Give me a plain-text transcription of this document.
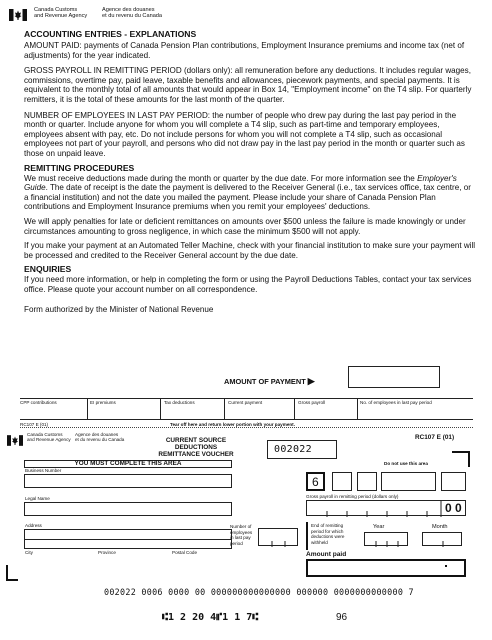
Canada Customs
and Revenue Agency
Agence des douanes
et du revenu du Canada
ACCOUNTING ENTRIES - EXPLANATIONS
AMOUNT PAID: payments of Canada Pension Plan contributions, Employment Insurance premiums and income tax (net of adjustments) for the year indicated.
GROSS PAYROLL IN REMITTING PERIOD (dollars only): all remuneration before any deductions. It includes regular wages, commissions, overtime pay, paid leave, taxable benefits and allowances, piecework payments, and special payments. It is equivalent to the monthly total of all amounts that would appear in Box 14, "Employment income" on the T4 slip. For quarterly remitters, it is the total of these amounts for the last month of the quarter.
NUMBER OF EMPLOYEES IN LAST PAY PERIOD: the number of people who drew pay during the last pay period in the month or quarter. Include anyone for whom you will complete a T4 slip, such as part-time and temporary employees, employees absent with pay, etc. Do not include persons for whom you will not complete a T4 slip, such as occasional employees not part of your payroll, and persons who did not draw pay in the last pay period in the month or quarter such as those on unpaid leave.
REMITTING PROCEDURES
We must receive deductions made during the month or quarter by the due date. For more information see the Employer's Guide. The date of receipt is the date the payment is delivered to the Receiver General (i.e., tax services office, tax centre, or a financial institution) and not the date you mailed the payment. Please include your share of Canada Pension Plan contributions and Employment Insurance premiums when you remit your employees' deductions.
We will apply penalties for late or deficient remittances on amounts over $500 unless the failure is made knowingly or under circumstances amounting to gross negligence, in which case the minimum $500 will not apply.
If you make your payment at an Automated Teller Machine, check with your financial institution to make sure your payment will be processed and credited to the Receiver General account by the due date.
ENQUIRIES
If you need more information, or help in completing the form or using the Payroll Deductions Tables, contact your tax services office. Please quote your account number on all correspondence.
Form authorized by the Minister of National Revenue
AMOUNT OF PAYMENT ▶
CPP contributions	EI premiums	Tax deductions	Current payment	Gross payroll	No. of employees in last pay period
RC107 E (01)	Tear off here and return lower portion with your payment.
Canada Customs
and Revenue Agency
Agence des douanes
et du revenu du Canada	CURRENT SOURCE DEDUCTIONS
REMITTANCE VOUCHER	002022
RC107 E (01)
YOU MUST COMPLETE THIS AREA
Business Number
Legal Name
Address
City	Province	Postal Code
Do not use this area
6
Gross payroll in remitting period (dollars only)
0 0
Number of
employees
in last pay
period
End of remitting
period for which
deductions were
withheld
Year	Month
Amount paid
002022 0006 0000 00 000000000000000 000000 0000000000000 7
⑆1 2 20 4⑈1 1 7⑆	96
